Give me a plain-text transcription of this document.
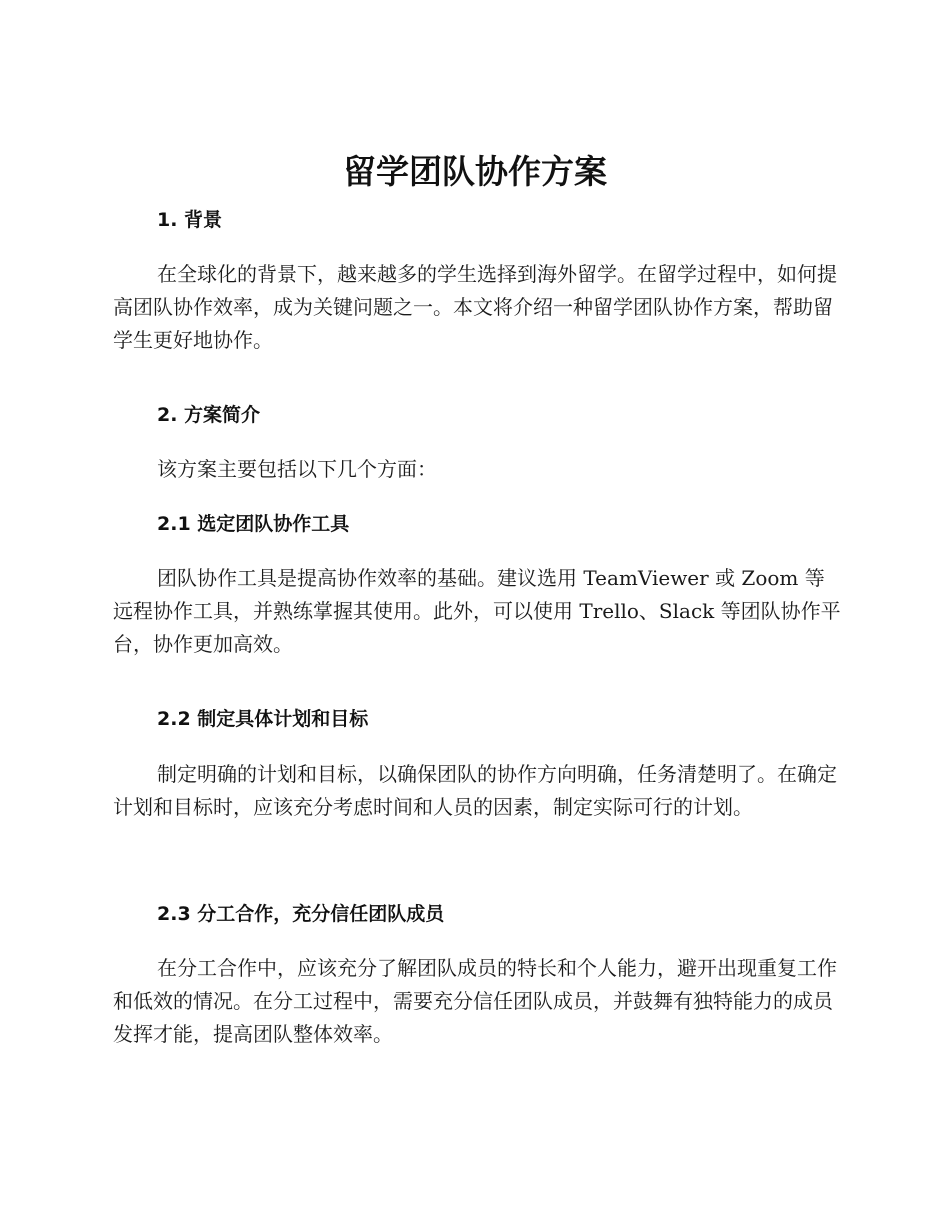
留学团队协作方案
1. 背景

在全球化的背景下，越来越多的学生选择到海外留学。在留学过程中，如何提高团队协作效率，成为关键问题之一。本文将介绍一种留学团队协作方案，帮助留学生更好地协作。

2. 方案简介

该方案主要包括以下几个方面：

2.1 选定团队协作工具

团队协作工具是提高协作效率的基础。建议选用 TeamViewer 或 Zoom 等远程协作工具，并熟练掌握其使用。此外，可以使用 Trello、Slack 等团队协作平台，协作更加高效。

2.2 制定具体计划和目标

制定明确的计划和目标，以确保团队的协作方向明确，任务清楚明了。在确定计划和目标时，应该充分考虑时间和人员的因素，制定实际可行的计划。

2.3 分工合作，充分信任团队成员

在分工合作中，应该充分了解团队成员的特长和个人能力，避开出现重复工作和低效的情况。在分工过程中，需要充分信任团队成员，并鼓舞有独特能力的成员发挥才能，提高团队整体效率。
